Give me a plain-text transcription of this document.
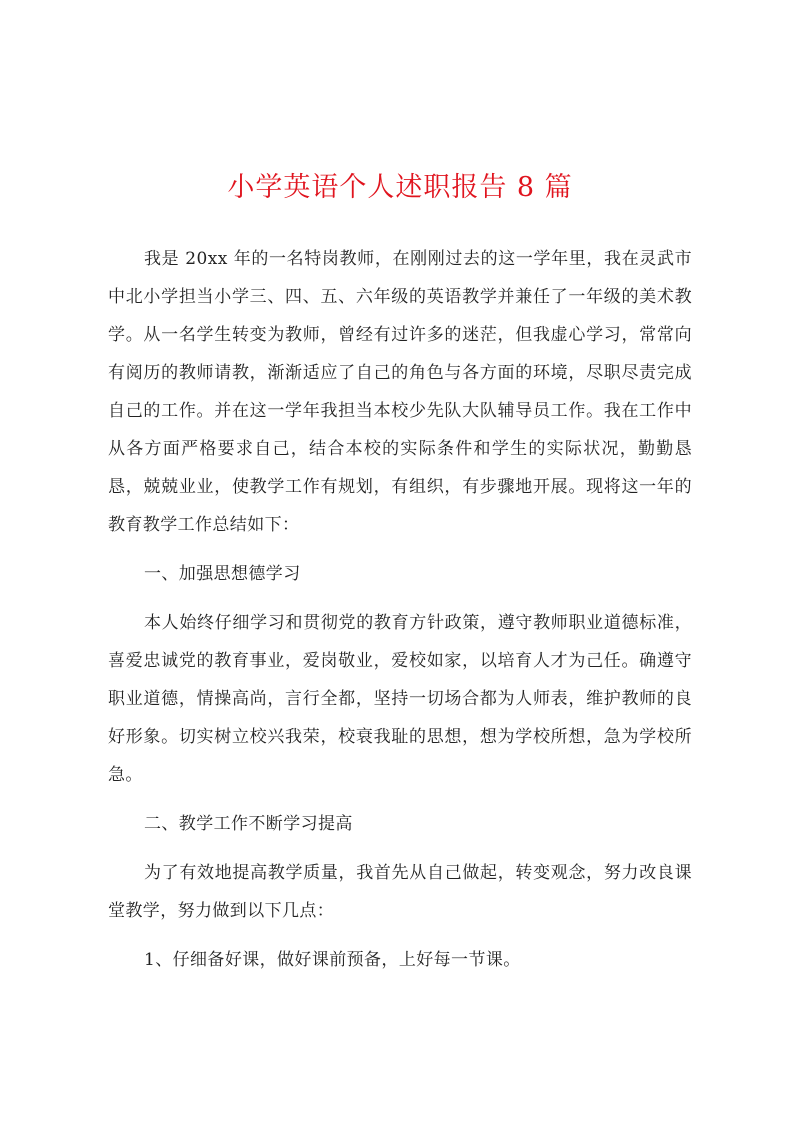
小学英语个人述职报告 8 篇

我是 20xx 年的一名特岗教师，在刚刚过去的这一学年里，我在灵武市中北小学担当小学三、四、五、六年级的英语教学并兼任了一年级的美术教学。从一名学生转变为教师，曾经有过许多的迷茫，但我虚心学习，常常向有阅历的教师请教，渐渐适应了自己的角色与各方面的环境，尽职尽责完成自己的工作。并在这一学年我担当本校少先队大队辅导员工作。我在工作中从各方面严格要求自己，结合本校的实际条件和学生的实际状况，勤勤恳恳，兢兢业业，使教学工作有规划，有组织，有步骤地开展。现将这一年的教育教学工作总结如下：

一、加强思想德学习

本人始终仔细学习和贯彻党的教育方针政策，遵守教师职业道德标准，喜爱忠诚党的教育事业，爱岗敬业，爱校如家，以培育人才为己任。确遵守职业道德，情操高尚，言行全都，坚持一切场合都为人师表，维护教师的良好形象。切实树立校兴我荣，校衰我耻的思想，想为学校所想，急为学校所急。

二、教学工作不断学习提高

为了有效地提高教学质量，我首先从自己做起，转变观念，努力改良课堂教学，努力做到以下几点：

1、仔细备好课，做好课前预备，上好每一节课。
